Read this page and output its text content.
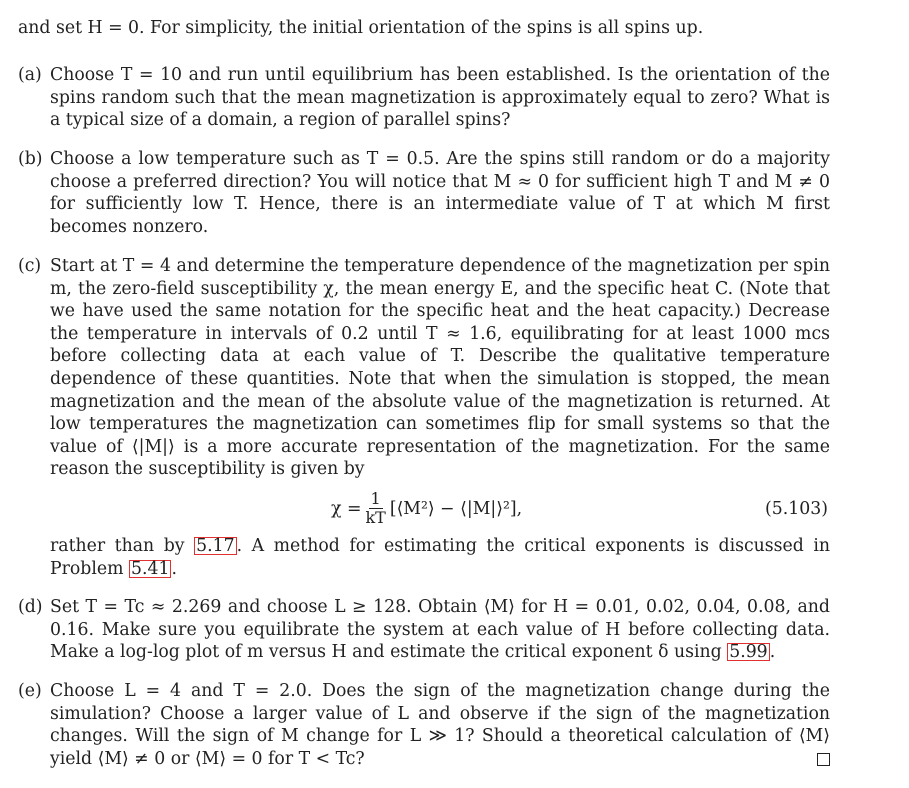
and set H = 0. For simplicity, the initial orientation of the spins is all spins up.
(a) Choose T = 10 and run until equilibrium has been established. Is the orientation of the spins random such that the mean magnetization is approximately equal to zero? What is a typical size of a domain, a region of parallel spins?
(b) Choose a low temperature such as T = 0.5. Are the spins still random or do a majority choose a preferred direction? You will notice that M ≈ 0 for sufficient high T and M ≠ 0 for sufficiently low T. Hence, there is an intermediate value of T at which M first becomes nonzero.
(c) Start at T = 4 and determine the temperature dependence of the magnetization per spin m, the zero-field susceptibility χ, the mean energy E, and the specific heat C. (Note that we have used the same notation for the specific heat and the heat capacity.) Decrease the temperature in intervals of 0.2 until T ≈ 1.6, equilibrating for at least 1000 mcs before collecting data at each value of T. Describe the qualitative temperature dependence of these quantities. Note that when the simulation is stopped, the mean magnetization and the mean of the absolute value of the magnetization is returned. At low temperatures the magnetization can sometimes flip for small systems so that the value of ⟨|M|⟩ is a more accurate representation of the magnetization. For the same reason the susceptibility is given by
$\chi = \frac{1}{kT}$ [⟨M²⟩ − ⟨|M|⟩²],	(5.103)
rather than by 5.17 . A method for estimating the critical exponents is discussed in Problem 5.41 .
(d) Set T = Tc ≈ 2.269 and choose L ≥ 128. Obtain ⟨M⟩ for H = 0.01, 0.02, 0.04, 0.08, and 0.16. Make sure you equilibrate the system at each value of H before collecting data. Make a log-log plot of m versus H and estimate the critical exponent δ using 5.99 .
(e) Choose L = 4 and T = 2.0. Does the sign of the magnetization change during the simulation? Choose a larger value of L and observe if the sign of the magnetization changes. Will the sign of M change for L ≫ 1? Should a theoretical calculation of ⟨M⟩ yield ⟨M⟩ ≠ 0 or ⟨M⟩ = 0 for T < Tc?
